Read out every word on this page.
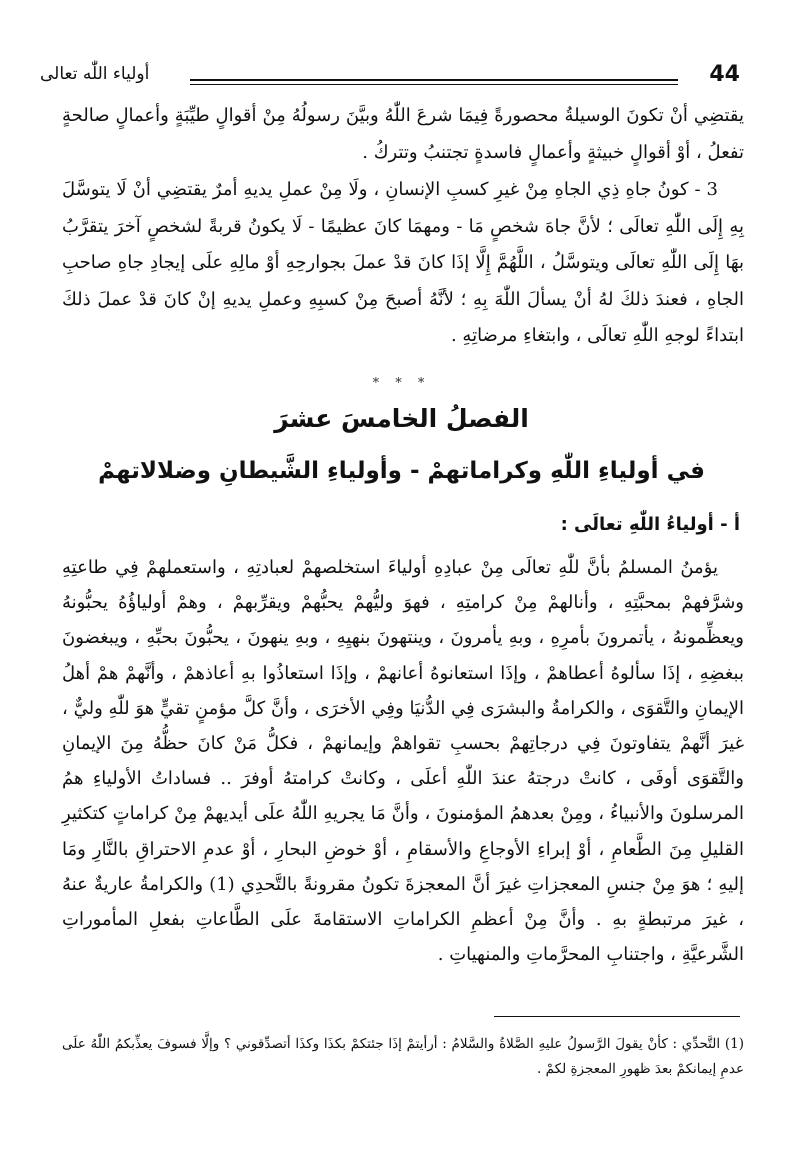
أولياء اللّٰه تعالى	44
يقتضِي أنْ تكونَ الوسيلةُ محصورةً فِيمَا شرعَ اللّٰهُ وبيَّنَ رسولُهُ مِنْ أقوالٍ طيِّبَةٍ وأعمالٍ صالحةٍ تفعلُ ، أوْ أقوالٍ خبيثةٍ وأعمالٍ فاسدةٍ تجتنبُ وتتركُ .
3 - كونُ جاهِ ذِي الجاهِ مِنْ غيرِ كسبِ الإنسانِ ، ولَا مِنْ عملِ يديهِ أمرٌ يقتضِي أنْ لَا يتوسَّلَ بِهِ إِلَى اللّٰهِ تعالَى ؛ لأنَّ جاهَ شخصٍ مَا - ومهمَا كانَ عظيمًا - لَا يكونُ قربةً لشخصٍ آخرَ يتقرَّبُ بهَا إِلَى اللّٰهِ تعالَى ويتوسَّلُ ، اللَّهُمَّ إِلَّا إذَا كانَ قدْ عملَ بجوارحِهِ أوْ مالِهِ علَى إيجادِ جاهِ صاحبِ الجاهِ ، فعندَ ذلكَ لهُ أنْ يسألَ اللّٰهَ بِهِ ؛ لأنَّهُ أصبحَ مِنْ كسبِهِ وعملِ يديهِ إنْ كانَ قدْ عملَ ذلكَ ابتداءً لوجهِ اللّٰهِ تعالَى ، وابتغاءِ مرضاتِهِ .
* * *
الفصلُ الخامسَ عشرَ
في أولياءِ اللّٰهِ وكراماتهمْ - وأولياءِ الشَّيطانِ وضلالاتهمْ
أ - أولياءُ اللّٰهِ تعالَى :
يؤمنُ المسلمُ بأنَّ للّٰهِ تعالَى مِنْ عبادِهِ أولياءَ استخلصهمْ لعبادتِهِ ، واستعملهمْ فِي طاعتِهِ وشرَّفهمْ بمحبَّتِهِ ، وأنالهمْ مِنْ كرامتِهِ ، فهوَ وليُّهمْ يحبُّهمْ ويقرِّبهمْ ، وهمْ أولياؤُهُ يحبُّونهُ ويعظِّمونهُ ، يأتمرونَ بأمرِهِ ، وبهِ يأمرونَ ، وينتهونَ بنهيِهِ ، وبهِ ينهونَ ، يحبُّونَ بحبِّهِ ، ويبغضونَ ببغضِهِ ، إذَا سألوهُ أعطاهمْ ، وإذَا استعانوهُ أعانهمْ ، وإذَا استعاذُوا بهِ أعاذهمْ ، وأنَّهمْ همْ أهلُ الإيمانِ والتَّقوَى ، والكرامةُ والبشرَى فِي الدُّنيَا وفِي الأخرَى ، وأنَّ كلَّ مؤمنٍ تقيٍّ هوَ للّٰهِ وليٌّ ، غيرَ أنَّهمْ يتفاوتونَ فِي درجاتِهمْ بحسبِ تقواهمْ وإيمانهمْ ، فكلُّ مَنْ كانَ حظُّهُ مِنَ الإيمانِ والتَّقوَى أوفَى ، كانتْ درجتهُ عندَ اللّٰهِ أعلَى ، وكانتْ كرامتهُ أوفرَ .. فساداتُ الأولياءِ همُ المرسلونَ والأنبياءُ ، ومِنْ بعدهمُ المؤمنونَ ، وأنَّ مَا يجريهِ اللّٰهُ علَى أيديهمْ مِنْ كراماتٍ كتكثيرِ القليلِ مِنَ الطَّعامِ ، أوْ إبراءِ الأوجاعِ والأسقامِ ، أوْ خوضِ البحارِ ، أوْ عدمِ الاحتراقِ بالنَّارِ ومَا إليهِ ؛ هوَ مِنْ جنسِ المعجزاتِ غيرَ أنَّ المعجزةَ تكونُ مقرونةً بالتَّحدِي (1) والكرامةُ عاريةٌ عنهُ ، غيرَ مرتبطةٍ بهِ . وأنَّ مِنْ أعظمِ الكراماتِ الاستقامةَ علَى الطَّاعاتِ بفعلِ المأموراتِ الشَّرعيَّةِ ، واجتنابِ المحرَّماتِ والمنهياتِ .
(1) التَّحدِّي : كأنْ يقولَ الرَّسولُ عليهِ الصَّلاةُ والسَّلامُ : أرأيتمْ إذَا جئتكمْ بكذَا وكذَا أتصدِّقوني ؟ وإلَّا فسوفَ يعذِّبكمُ اللّٰهُ علَى عدمِ إيمانكمْ بعدَ ظهورِ المعجزةِ لكمْ .
